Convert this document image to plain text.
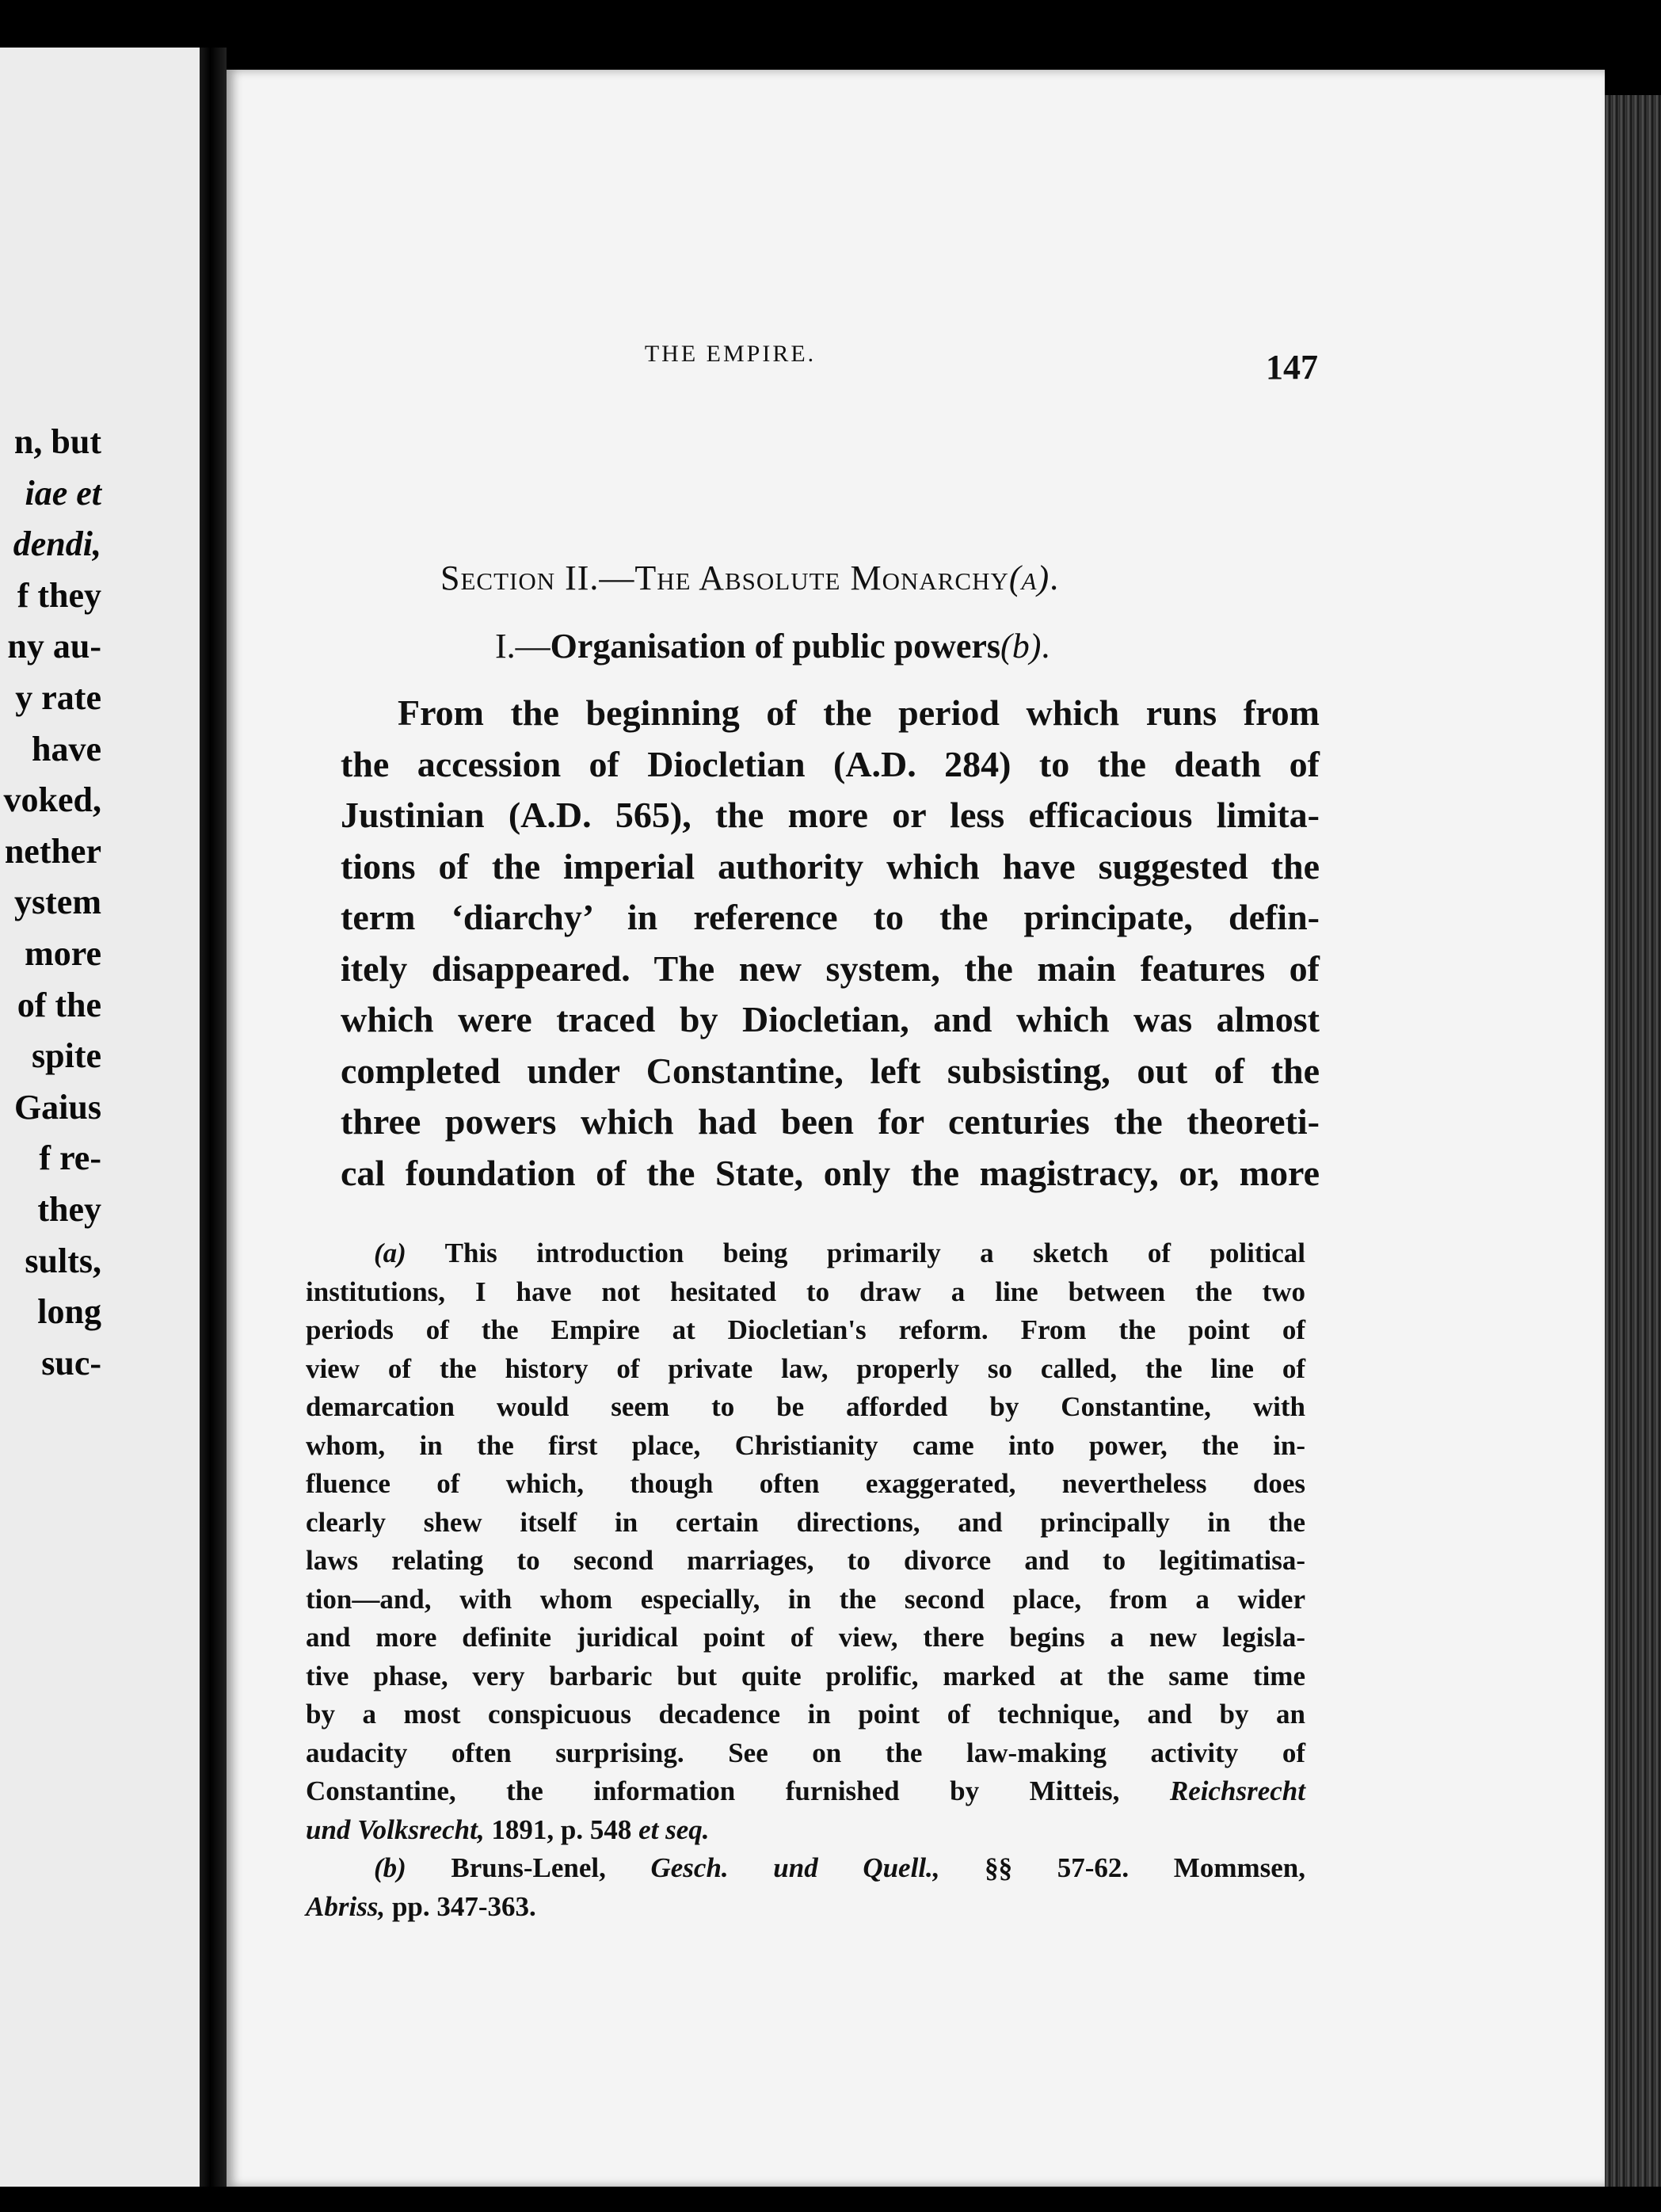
n, but
iae et
dendi,
f they
ny au-
y rate
have
voked,
nether
ystem
more
of the
spite
Gaius
f re-
they
sults,
long
suc-
THE EMPIRE.	147
Section II.—The Absolute Monarchy(a).
I.—Organisation of public powers(b).
From the beginning of the period which runs from
the accession of Diocletian (A.D. 284) to the death of
Justinian (A.D. 565), the more or less efficacious limita-
tions of the imperial authority which have suggested the
term ‘diarchy’ in reference to the principate, defin-
itely disappeared. The new system, the main features of
which were traced by Diocletian, and which was almost
completed under Constantine, left subsisting, out of the
three powers which had been for centuries the theoreti-
cal foundation of the State, only the magistracy, or, more
(a) This introduction being primarily a sketch of political
institutions, I have not hesitated to draw a line between the two
periods of the Empire at Diocletian's reform. From the point of
view of the history of private law, properly so called, the line of
demarcation would seem to be afforded by Constantine, with
whom, in the first place, Christianity came into power, the in-
fluence of which, though often exaggerated, nevertheless does
clearly shew itself in certain directions, and principally in the
laws relating to second marriages, to divorce and to legitimatisa-
tion—and, with whom especially, in the second place, from a wider
and more definite juridical point of view, there begins a new legisla-
tive phase, very barbaric but quite prolific, marked at the same time
by a most conspicuous decadence in point of technique, and by an
audacity often surprising. See on the law-making activity of
Constantine, the information furnished by Mitteis, Reichsrecht
und Volksrecht, 1891, p. 548 et seq.
(b) Bruns-Lenel, Gesch. und Quell., §§ 57-62. Mommsen,
Abriss, pp. 347-363.
